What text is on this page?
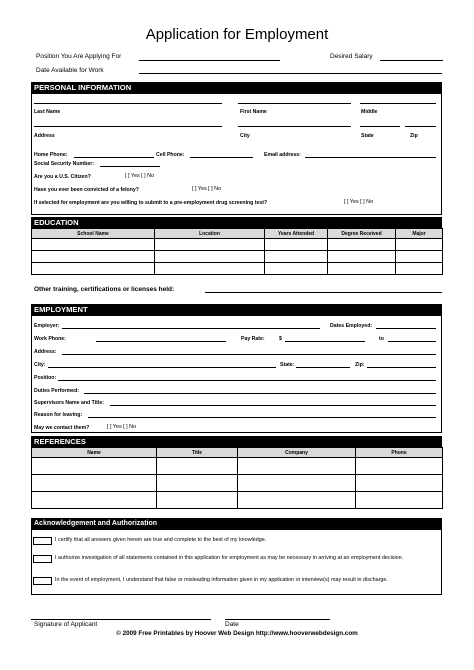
Application for Employment
Position You Are Applying For	Desired Salary
Date Available for Work
PERSONAL INFORMATION
Last Name	First Name	Middle
Address	City	State	Zip
Home Phone:	Cell Phone:	Email address:
Social Security Number:
Are you a U.S. Citizen?	[ ] Yes [ ] No
Have you ever been convicted of a felony?	[ ] Yes [ ] No
If selected for employment are you willing to submit to a pre-employment drug screening test?	[ ] Yes [ ] No
EDUCATION
School Name	Location	Years Attended	Degree Received	Major

Other training, certifications or licenses held:
EMPLOYMENT
Employer:	Dates Employed:
Work Phone:	Pay Rate:	$	to
Address:
City:	State:	Zip:
Position:
Duties Performed:
Supervisors Name and Title:
Reason for leaving:
May we contact them?	[ ] Yes [ ] No
REFERENCES
Name	Title	Company	Phone

Acknowledgement and Authorization
I certify that all answers given herein are true and complete to the best of my knowledge.
I authorize investigation of all statements contained in this application for employment as may be necessary in arriving at an employment decision.
In the event of employment, I understand that false or misleading information given in my application or interview(s) may result in discharge.
Signature of Applicant	Date
© 2009 Free Printables by Hoover Web Design http://www.hooverwebdesign.com
